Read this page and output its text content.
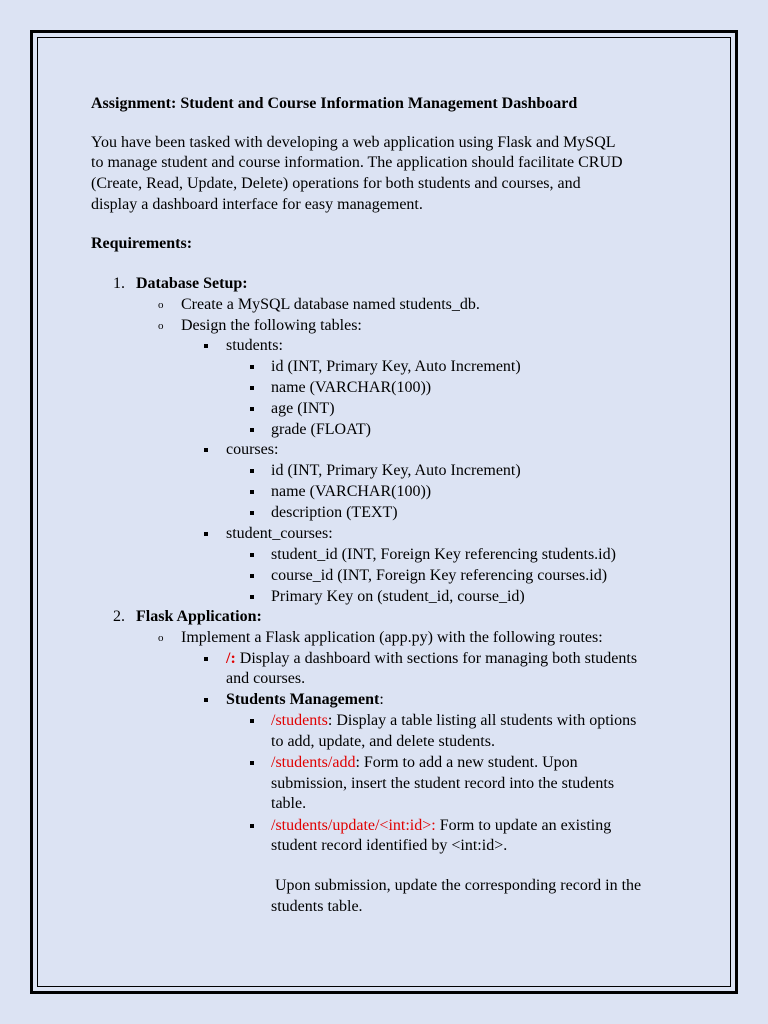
Assignment: Student and Course Information Management Dashboard
You have been tasked with developing a web application using Flask and MySQL
to manage student and course information. The application should facilitate CRUD
(Create, Read, Update, Delete) operations for both students and courses, and
display a dashboard interface for easy management.
Requirements:
1. Database Setup:
o Create a MySQL database named students_db.
o Design the following tables:
students:
id (INT, Primary Key, Auto Increment)
name (VARCHAR(100))
age (INT)
grade (FLOAT)
courses:
id (INT, Primary Key, Auto Increment)
name (VARCHAR(100))
description (TEXT)
student_courses:
student_id (INT, Foreign Key referencing students.id)
course_id (INT, Foreign Key referencing courses.id)
Primary Key on (student_id, course_id)
2. Flask Application:
o Implement a Flask application (app.py) with the following routes:
/: Display a dashboard with sections for managing both students
and courses.
Students Management:
/students: Display a table listing all students with options
to add, update, and delete students.
/students/add: Form to add a new student. Upon
submission, insert the student record into the students
table.
/students/update/<int:id>: Form to update an existing
student record identified by <int:id>.
Upon submission, update the corresponding record in the
students table.
